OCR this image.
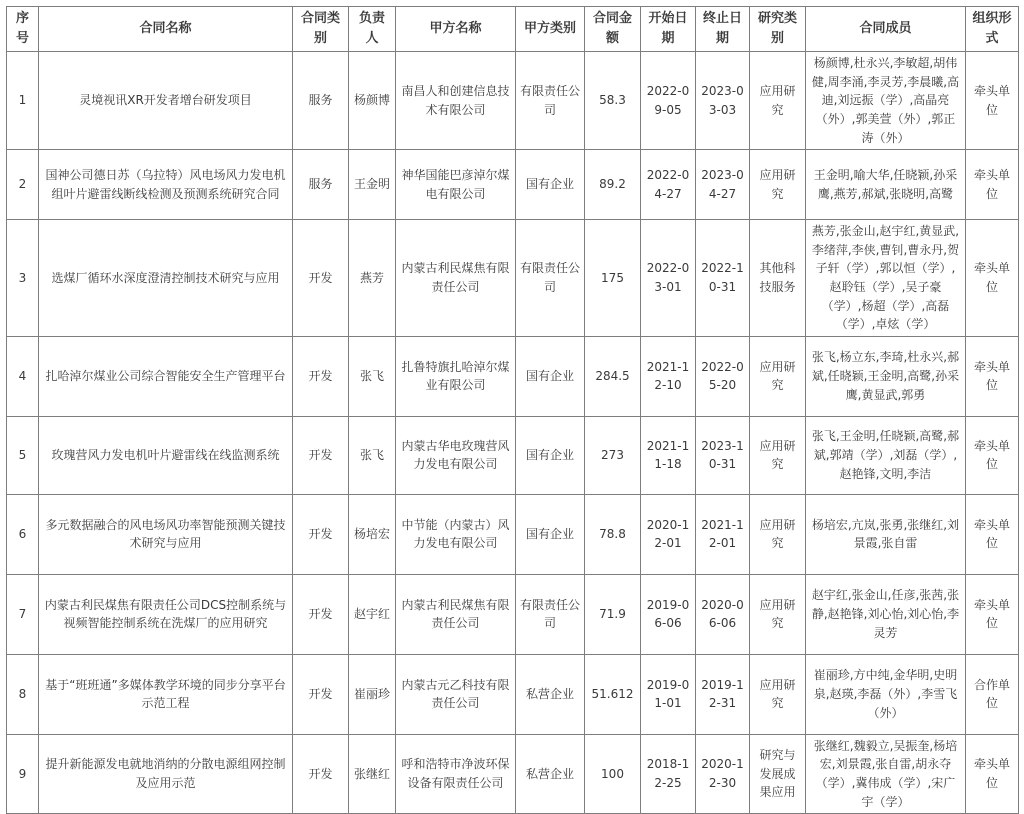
序号	合同名称	合同类别	负责人	甲方名称	甲方类别	合同金额	开始日期	终止日期	研究类别	合同成员	组织形式
1	灵境视讯XR开发者增台研发项目	服务	杨颜博	南昌人和创建信息技术有限公司	有限责任公司	58.3	2022-09-05	2023-03-03	应用研究	杨颜博,杜永兴,李敏超,胡伟健,周李涌,李灵芳,李晨曦,高迪,刘远振（学）,高晶亮（外）,郭美萱（外）,郭正涛（外）	牵头单位
2	国神公司德日苏（乌拉特）风电场风力发电机组叶片避雷线断线检测及预测系统研究合同	服务	王金明	神华国能巴彦淖尔煤电有限公司	国有企业	89.2	2022-04-27	2023-04-27	应用研究	王金明,喻大华,任晓颖,孙采鹰,燕芳,郝斌,张晓明,高鹭	牵头单位
3	选煤厂循环水深度澄清控制技术研究与应用	开发	燕芳	内蒙古利民煤焦有限责任公司	有限责任公司	175	2022-03-01	2022-10-31	其他科技服务	燕芳,张金山,赵宇红,黄显武,李绪萍,李侠,曹钊,曹永丹,贺子轩（学）,郭以恒（学）,赵聆钰（学）,吴子豪（学）,杨超（学）,高磊（学）,卓炫（学）	牵头单位
4	扎哈淖尔煤业公司综合智能安全生产管理平台	开发	张飞	扎鲁特旗扎哈淖尔煤业有限公司	国有企业	284.5	2021-12-10	2022-05-20	应用研究	张飞,杨立东,李琦,杜永兴,郝斌,任晓颖,王金明,高鹭,孙采鹰,黄显武,郭勇	牵头单位
5	玫瑰营风力发电机叶片避雷线在线监测系统	开发	张飞	内蒙古华电玫瑰营风力发电有限公司	国有企业	273	2021-11-18	2023-10-31	应用研究	张飞,王金明,任晓颖,高鹭,郝斌,郭靖（学）,刘磊（学）,赵艳锋,文明,李洁	牵头单位
6	多元数据融合的风电场风功率智能预测关键技术研究与应用	开发	杨培宏	中节能（内蒙古）风力发电有限公司	国有企业	78.8	2020-12-01	2021-12-01	应用研究	杨培宏,亢岚,张勇,张继红,刘景霞,张自雷	牵头单位
7	内蒙古利民煤焦有限责任公司DCS控制系统与视频智能控制系统在洗煤厂的应用研究	开发	赵宇红	内蒙古利民煤焦有限责任公司	有限责任公司	71.9	2019-06-06	2020-06-06	应用研究	赵宇红,张金山,任彦,张茜,张静,赵艳锋,刘心怡,刘心怡,李灵芳	牵头单位
8	基于“班班通”多媒体教学环境的同步分享平台示范工程	开发	崔丽珍	内蒙古元乙科技有限责任公司	私营企业	51.612	2019-01-01	2019-12-31	应用研究	崔丽珍,方中纯,金华明,史明泉,赵瑛,李磊（外）,李雪飞（外）	合作单位
9	提升新能源发电就地消纳的分散电源组网控制及应用示范	开发	张继红	呼和浩特市净波环保设备有限责任公司	私营企业	100	2018-12-25	2020-12-30	研究与发展成果应用	张继红,魏毅立,吴振奎,杨培宏,刘景霞,张自雷,胡永夺（学）,冀伟成（学）,宋广宇（学）	牵头单位
